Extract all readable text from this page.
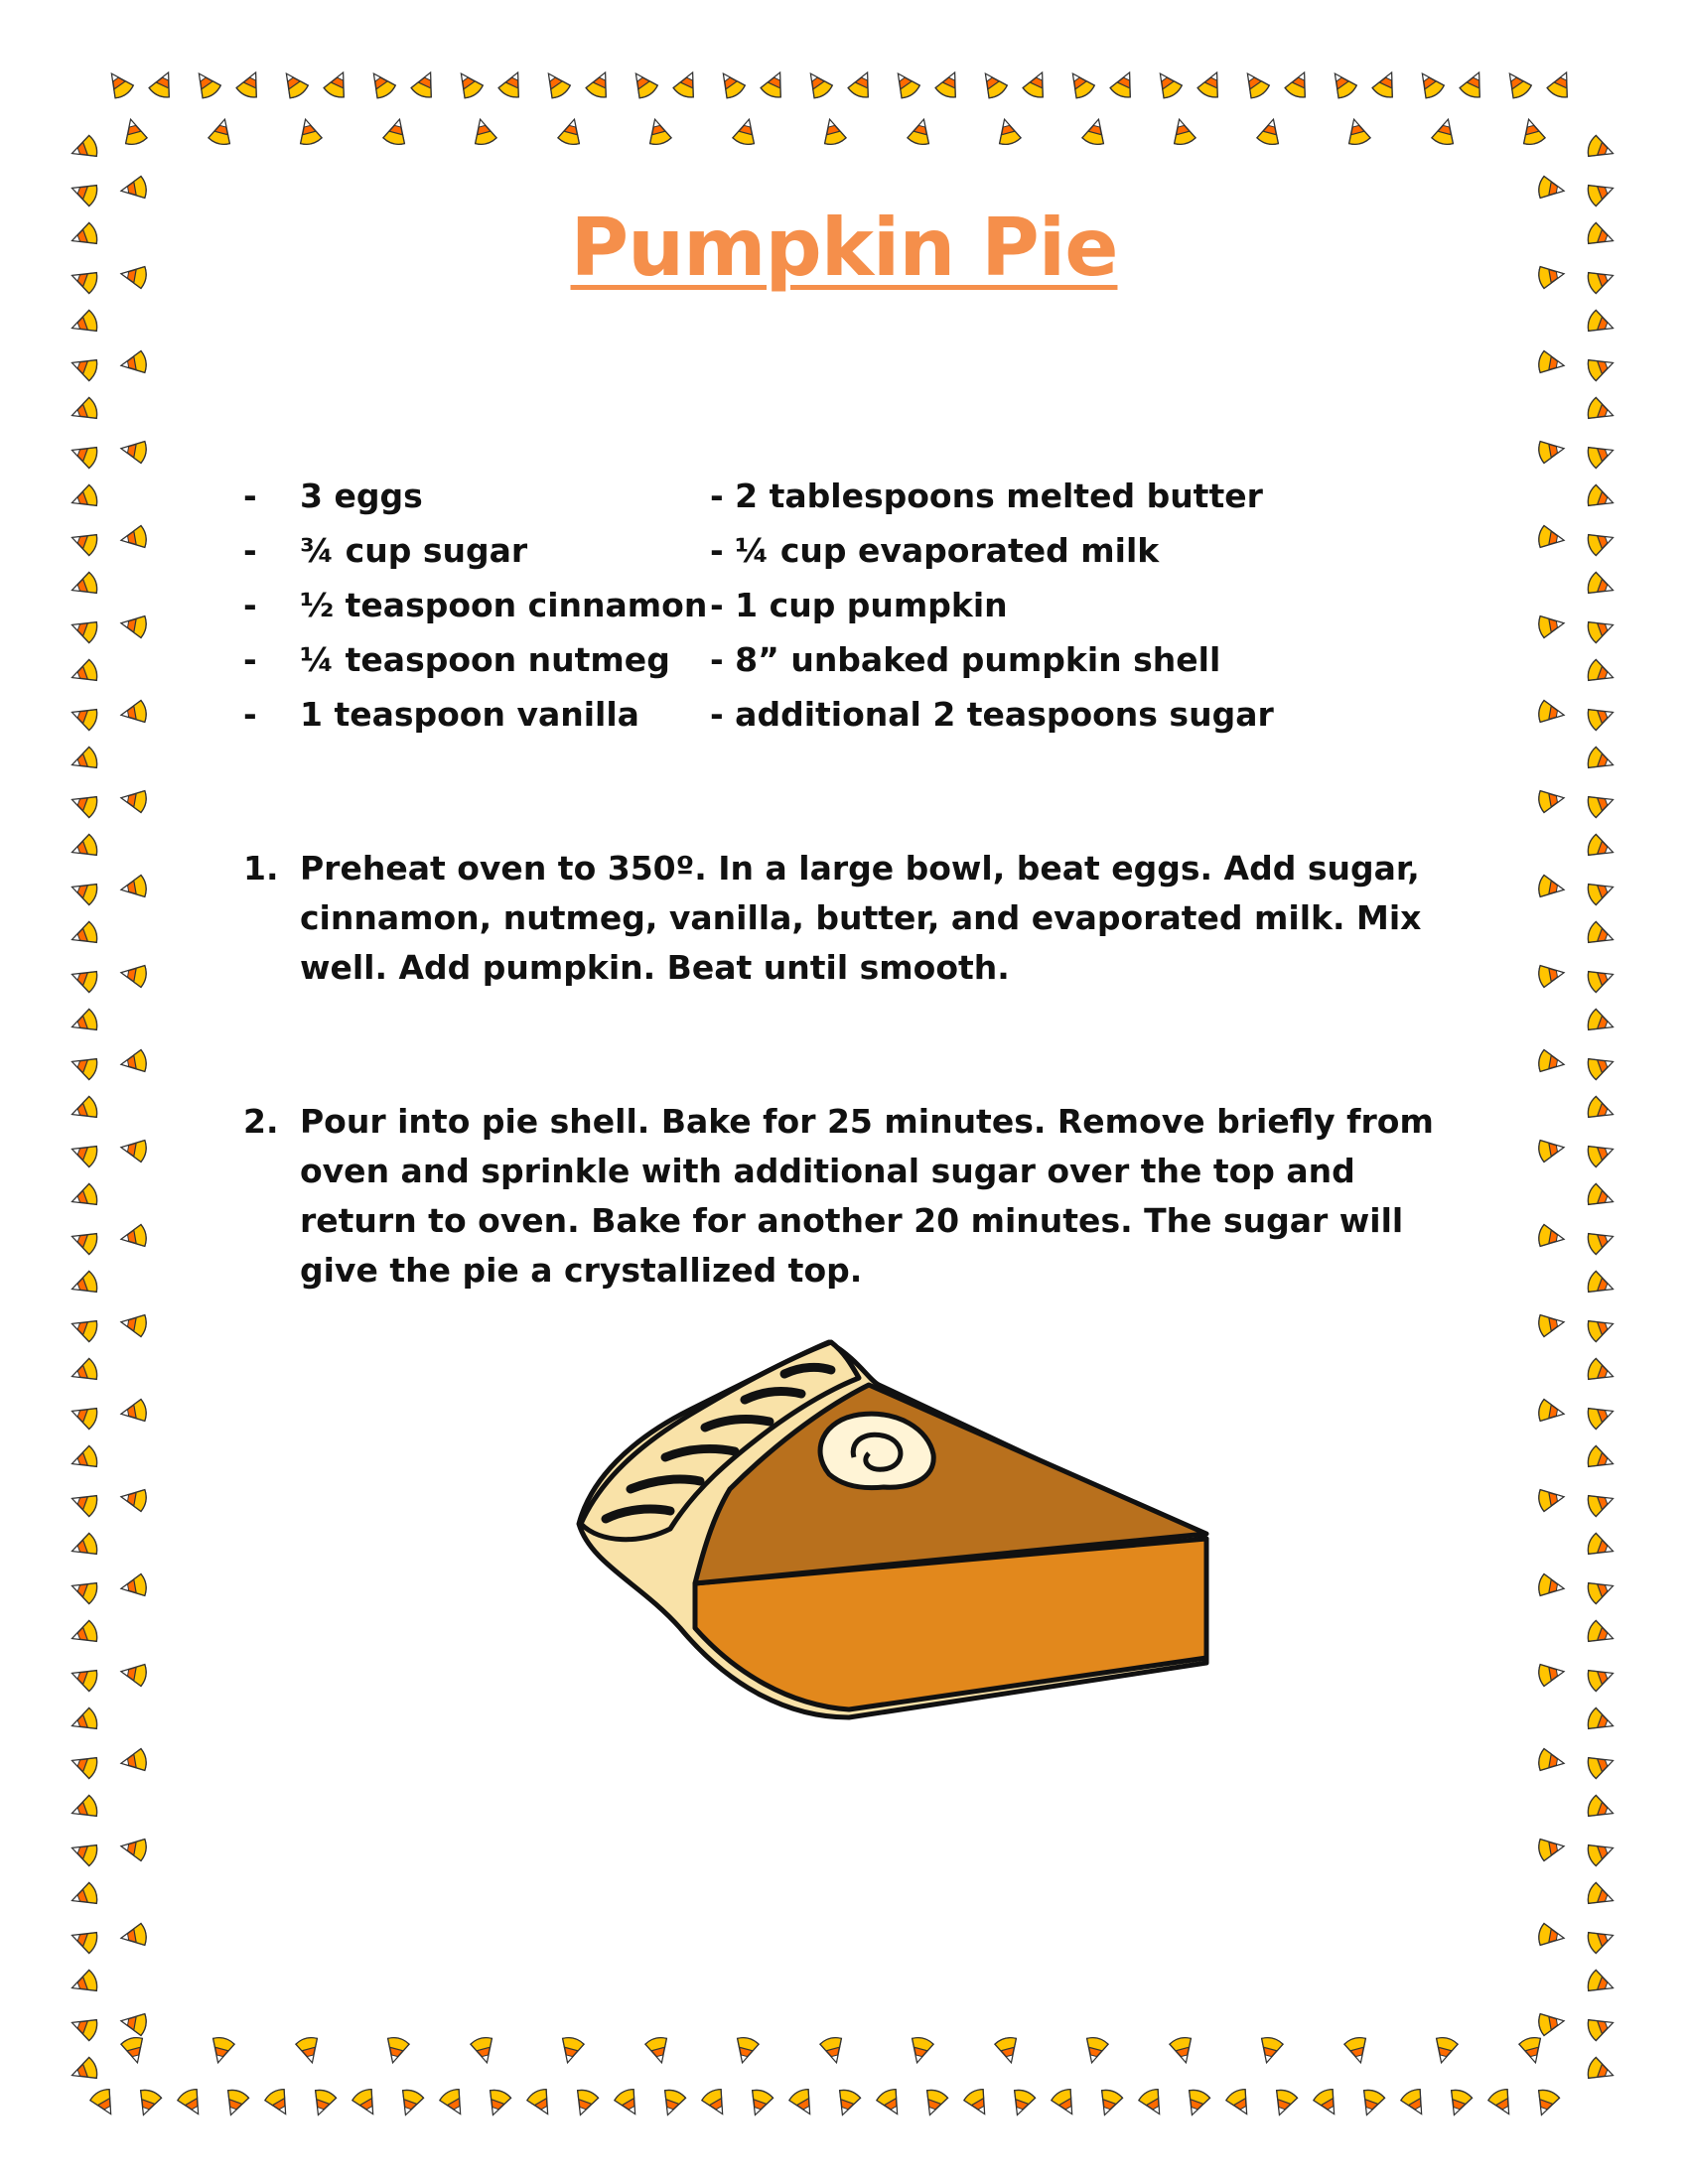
Pumpkin Pie
- 3 eggs	- 2 tablespoons melted butter
- ¾ cup sugar	- ¼ cup evaporated milk
- ½ teaspoon cinnamon - 1 cup pumpkin
- ¼ teaspoon nutmeg - 8” unbaked pumpkin shell
- 1 teaspoon vanilla - additional 2 teaspoons sugar
1. Preheat oven to 350º. In a large bowl, beat eggs. Add sugar, cinnamon, nutmeg, vanilla, butter, and evaporated milk. Mix well. Add pumpkin. Beat until smooth.
2. Pour into pie shell. Bake for 25 minutes. Remove briefly from oven and sprinkle with additional sugar over the top and return to oven. Bake for another 20 minutes. The sugar will give the pie a crystallized top.
